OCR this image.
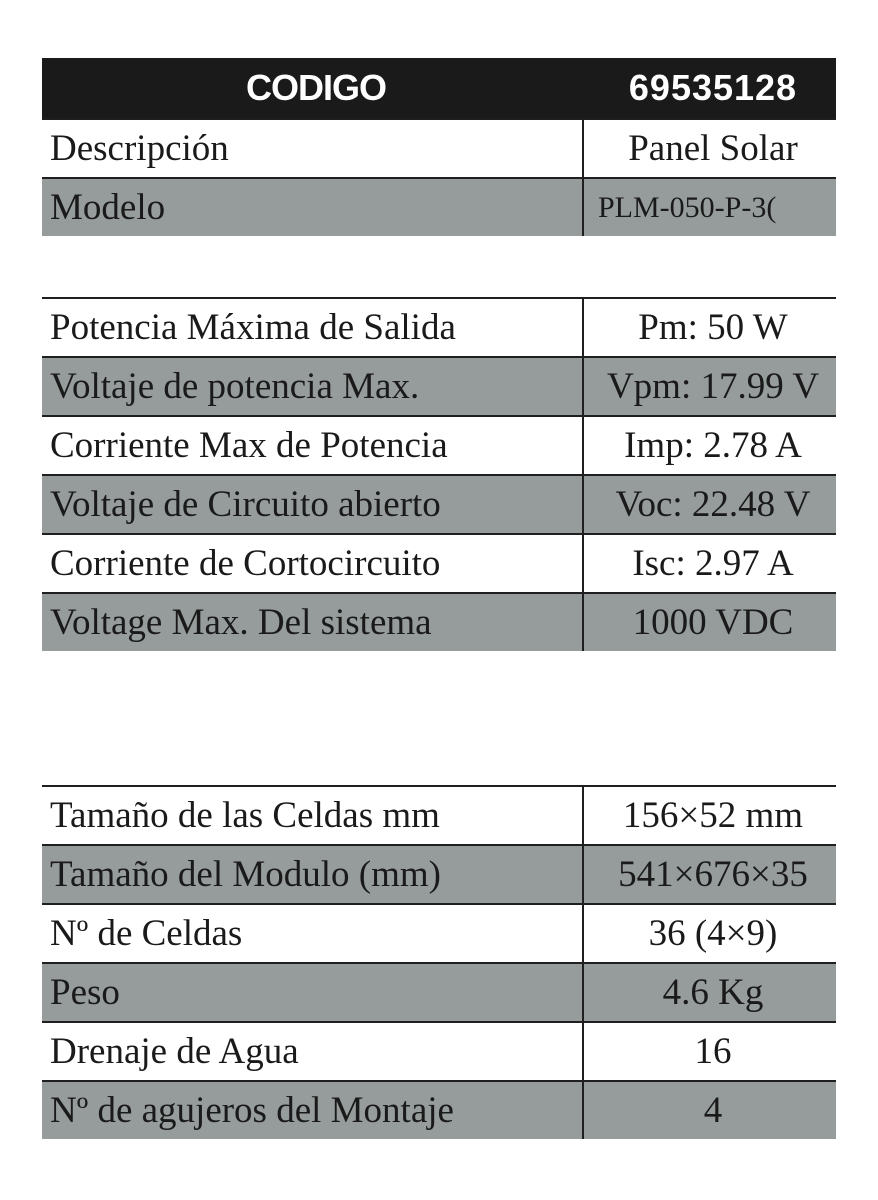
CODIGO	69535128
Descripción	Panel Solar
Modelo	PLM-050-P-3(
Potencia Máxima de Salida	Pm: 50 W
Voltaje de potencia Max.	Vpm: 17.99 V
Corriente Max de Potencia	Imp: 2.78 A
Voltaje de Circuito abierto	Voc: 22.48 V
Corriente de Cortocircuito	Isc: 2.97 A
Voltage Max. Del sistema	1000 VDC
Tamaño de las Celdas mm	156×52 mm
Tamaño del Modulo (mm)	541×676×35
Nº de Celdas	36 (4×9)
Peso	4.6 Kg
Drenaje de Agua	16
Nº de agujeros del Montaje	4
